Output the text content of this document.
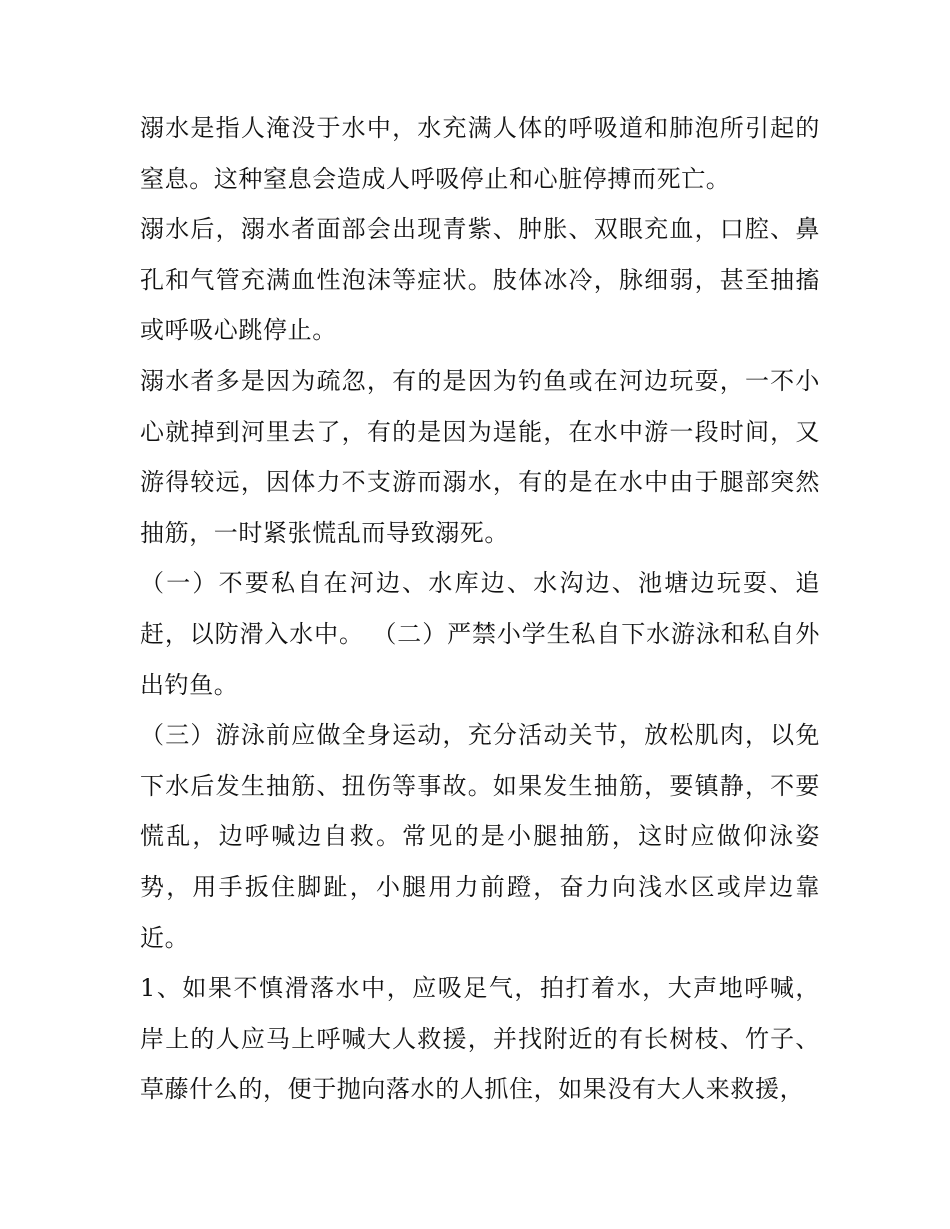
溺水是指人淹没于水中，水充满人体的呼吸道和肺泡所引起的窒息。这种窒息会造成人呼吸停止和心脏停搏而死亡。

溺水后，溺水者面部会出现青紫、肿胀、双眼充血，口腔、鼻孔和气管充满血性泡沫等症状。肢体冰冷，脉细弱，甚至抽搐或呼吸心跳停止。

溺水者多是因为疏忽，有的是因为钓鱼或在河边玩耍，一不小心就掉到河里去了，有的是因为逞能，在水中游一段时间，又游得较远，因体力不支游而溺水，有的是在水中由于腿部突然抽筋，一时紧张慌乱而导致溺死。

（一）不要私自在河边、水库边、水沟边、池塘边玩耍、追赶，以防滑入水中。 （二）严禁小学生私自下水游泳和私自外出钓鱼。

（三）游泳前应做全身运动，充分活动关节，放松肌肉，以免下水后发生抽筋、扭伤等事故。如果发生抽筋，要镇静，不要慌乱，边呼喊边自救。常见的是小腿抽筋，这时应做仰泳姿势，用手扳住脚趾，小腿用力前蹬，奋力向浅水区或岸边靠近。

1、如果不慎滑落水中，应吸足气，拍打着水，大声地呼喊，岸上的人应马上呼喊大人救援，并找附近的有长树枝、竹子、草藤什么的，便于抛向落水的人抓住，如果没有大人来救援，
